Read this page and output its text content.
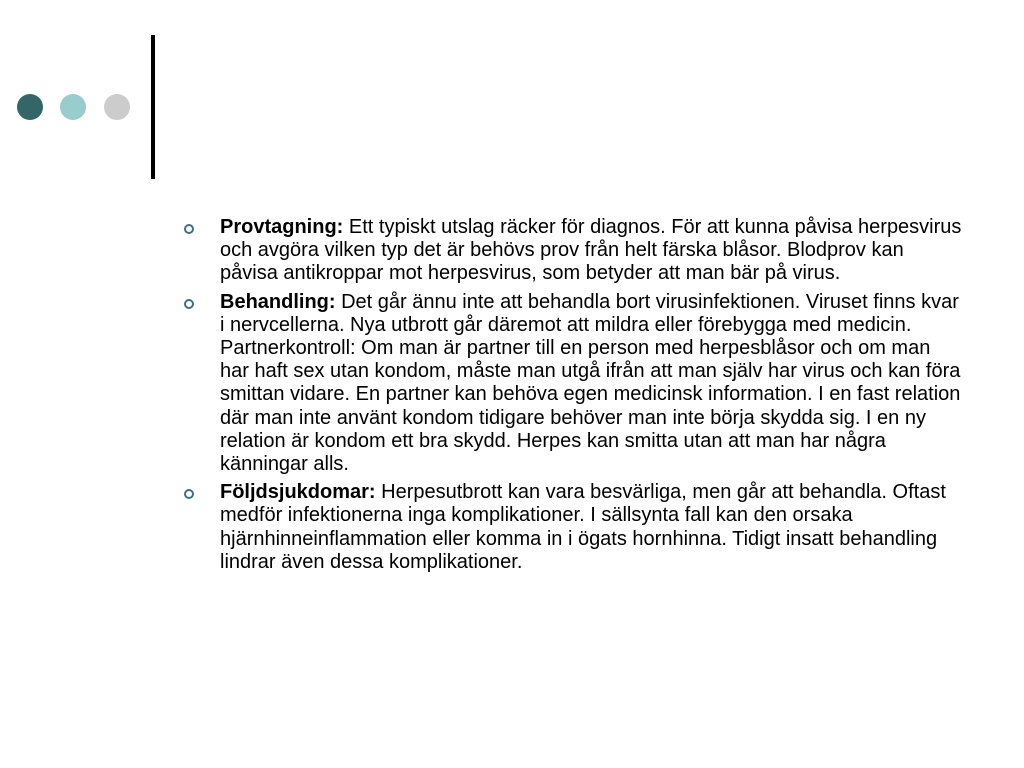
Provtagning: Ett typiskt utslag räcker för diagnos. För att kunna påvisa herpesvirus och avgöra vilken typ det är behövs prov från helt färska blåsor. Blodprov kan påvisa antikroppar mot herpesvirus, som betyder att man bär på virus.
Behandling: Det går ännu inte att behandla bort virusinfektionen. Viruset finns kvar i nervcellerna. Nya utbrott går däremot att mildra eller förebygga med medicin. Partnerkontroll: Om man är partner till en person med herpesblåsor och om man har haft sex utan kondom, måste man utgå ifrån att man själv har virus och kan föra smittan vidare. En partner kan behöva egen medicinsk information. I en fast relation där man inte använt kondom tidigare behöver man inte börja skydda sig. I en ny relation är kondom ett bra skydd. Herpes kan smitta utan att man har några känningar alls.
Följdsjukdomar: Herpesutbrott kan vara besvärliga, men går att behandla. Oftast medför infektionerna inga komplikationer. I sällsynta fall kan den orsaka hjärnhinneinflammation eller komma in i ögats hornhinna. Tidigt insatt behandling lindrar även dessa komplikationer.
